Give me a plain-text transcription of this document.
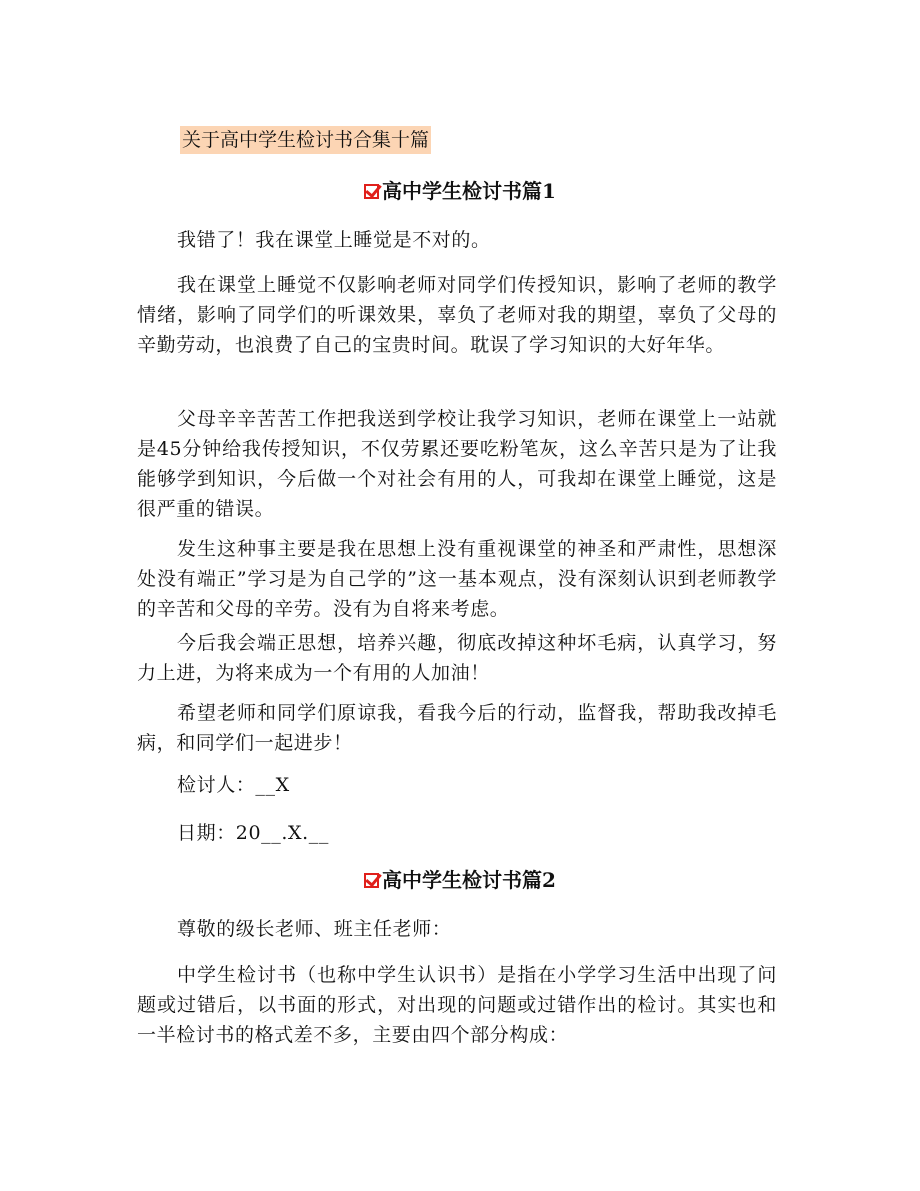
关于高中学生检讨书合集十篇
高中学生检讨书篇1

我错了！我在课堂上睡觉是不对的。

我在课堂上睡觉不仅影响老师对同学们传授知识，影响了老师的教学情绪，影响了同学们的听课效果，辜负了老师对我的期望，辜负了父母的辛勤劳动，也浪费了自己的宝贵时间。耽误了学习知识的大好年华。

父母辛辛苦苦工作把我送到学校让我学习知识，老师在课堂上一站就是45分钟给我传授知识，不仅劳累还要吃粉笔灰，这么辛苦只是为了让我能够学到知识，今后做一个对社会有用的人，可我却在课堂上睡觉，这是很严重的错误。

发生这种事主要是我在思想上没有重视课堂的神圣和严肃性，思想深处没有端正”学习是为自己学的”这一基本观点，没有深刻认识到老师教学的辛苦和父母的辛劳。没有为自将来考虑。

今后我会端正思想，培养兴趣，彻底改掉这种坏毛病，认真学习，努力上进，为将来成为一个有用的人加油！

希望老师和同学们原谅我，看我今后的行动，监督我，帮助我改掉毛病，和同学们一起进步！

检讨人：__X

日期：20__.X.__

高中学生检讨书篇2

尊敬的级长老师、班主任老师：

中学生检讨书（也称中学生认识书）是指在小学学习生活中出现了问题或过错后，以书面的形式，对出现的问题或过错作出的检讨。其实也和一半检讨书的格式差不多，主要由四个部分构成：
